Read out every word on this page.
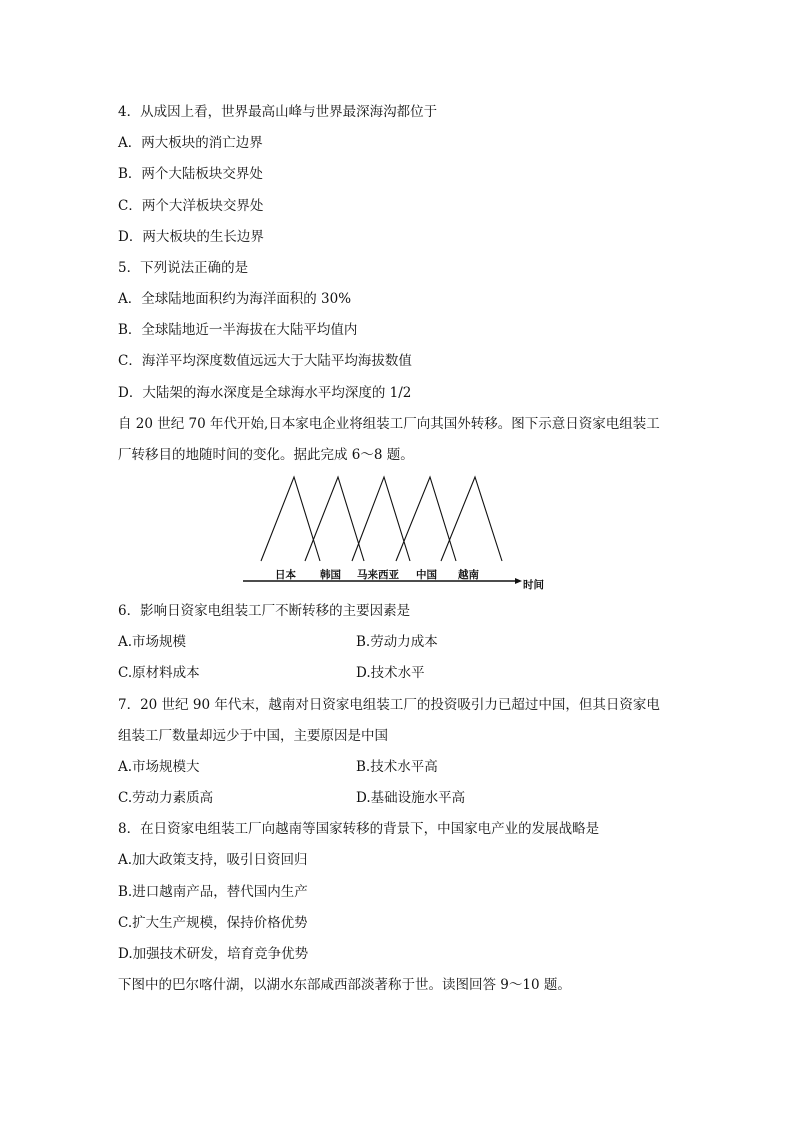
4．从成因上看，世界最高山峰与世界最深海沟都位于
A．两大板块的消亡边界
B．两个大陆板块交界处
C．两个大洋板块交界处
D．两大板块的生长边界
5．下列说法正确的是
A．全球陆地面积约为海洋面积的 30%
B．全球陆地近一半海拔在大陆平均值内
C．海洋平均深度数值远远大于大陆平均海拔数值
D．大陆架的海水深度是全球海水平均深度的 1/2
自 20 世纪 70 年代开始,日本家电企业将组装工厂向其国外转移。图下示意日资家电组装工
厂转移目的地随时间的变化。据此完成 6～8 题。
日本 韩国 马来西亚 中国 越南
时间
6．影响日资家电组装工厂不断转移的主要因素是
A.市场规模	B.劳动力成本
C.原材料成本	D.技术水平
7．20 世纪 90 年代末，越南对日资家电组装工厂的投资吸引力已超过中国，但其日资家电
组装工厂数量却远少于中国，主要原因是中国
A.市场规模大	B.技术水平高
C.劳动力素质高	D.基础设施水平高
8．在日资家电组装工厂向越南等国家转移的背景下，中国家电产业的发展战略是
A.加大政策支持，吸引日资回归
B.进口越南产品，替代国内生产
C.扩大生产规模，保持价格优势
D.加强技术研发，培育竞争优势
下图中的巴尔喀什湖，以湖水东部咸西部淡著称于世。读图回答 9～10 题。
